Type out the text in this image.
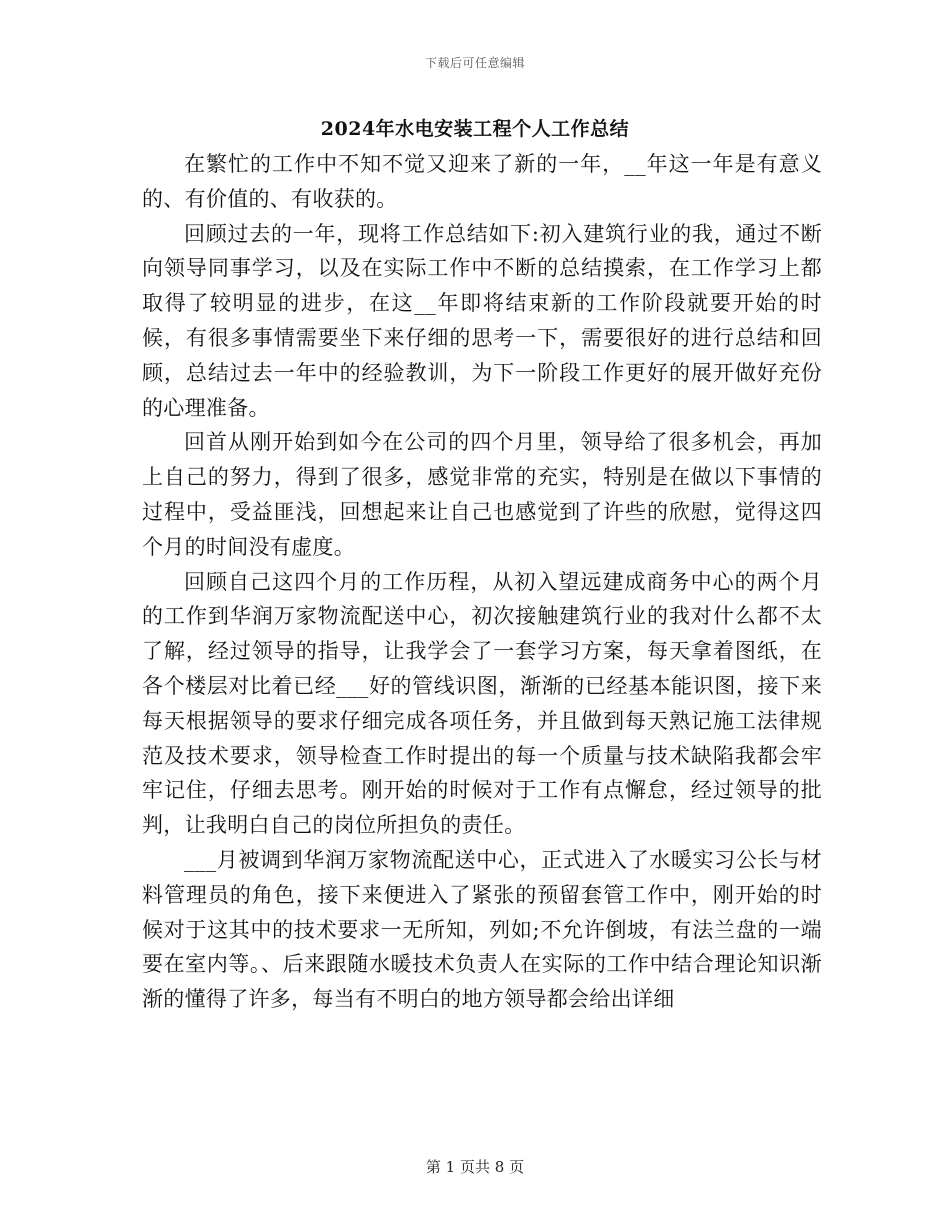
下载后可任意编辑
2024年水电安装工程个人工作总结

在繁忙的工作中不知不觉又迎来了新的一年，__年这一年是有意义的、有价值的、有收获的。

回顾过去的一年，现将工作总结如下:初入建筑行业的我，通过不断向领导同事学习，以及在实际工作中不断的总结摸索，在工作学习上都取得了较明显的进步，在这__年即将结束新的工作阶段就要开始的时候，有很多事情需要坐下来仔细的思考一下，需要很好的进行总结和回顾，总结过去一年中的经验教训，为下一阶段工作更好的展开做好充份的心理准备。

回首从刚开始到如今在公司的四个月里，领导给了很多机会，再加上自己的努力，得到了很多，感觉非常的充实，特别是在做以下事情的过程中，受益匪浅，回想起来让自己也感觉到了许些的欣慰，觉得这四个月的时间没有虚度。

回顾自己这四个月的工作历程，从初入望远建成商务中心的两个月的工作到华润万家物流配送中心，初次接触建筑行业的我对什么都不太了解，经过领导的指导，让我学会了一套学习方案，每天拿着图纸，在各个楼层对比着已经___好的管线识图，渐渐的已经基本能识图，接下来每天根据领导的要求仔细完成各项任务，并且做到每天熟记施工法律规范及技术要求，领导检查工作时提出的每一个质量与技术缺陷我都会牢牢记住，仔细去思考。刚开始的时候对于工作有点懈怠，经过领导的批判，让我明白自己的岗位所担负的责任。

___月被调到华润万家物流配送中心，正式进入了水暖实习公长与材料管理员的角色，接下来便进入了紧张的预留套管工作中，刚开始的时候对于这其中的技术要求一无所知，列如;不允许倒坡，有法兰盘的一端要在室内等。、后来跟随水暖技术负责人在实际的工作中结合理论知识渐渐的懂得了许多，每当有不明白的地方领导都会给出详细

第 1 页共 8 页
